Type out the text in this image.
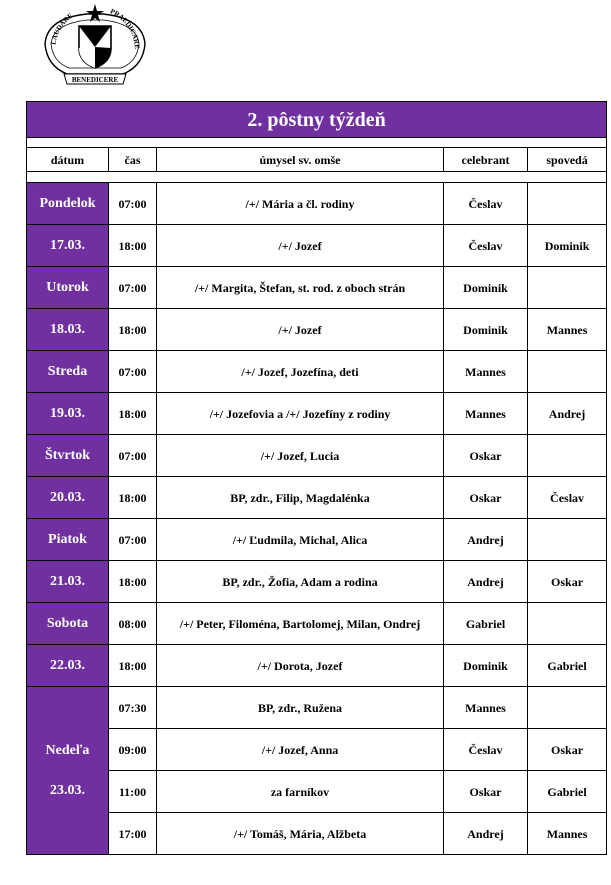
LAUDARE	PRAEDICARE
BENEDICERE
2. pôstny týždeň				

dátum	čas	úmysel sv. omše	celebrant	spovedá

Pondelok	07:00	/+/ Mária a čl. rodiny	Česlav	
17.03.	18:00	/+/ Jozef	Česlav	Dominik
Utorok	07:00	/+/ Margita, Štefan, st. rod. z oboch strán	Dominik	
18.03.	18:00	/+/ Jozef	Dominik	Mannes
Streda	07:00	/+/ Jozef, Jozefína, deti	Mannes	
19.03.	18:00	/+/ Jozefovia a /+/ Jozefíny z rodiny	Mannes	Andrej
Štvrtok	07:00	/+/ Jozef, Lucia	Oskar	
20.03.	18:00	BP, zdr., Filip, Magdalénka	Oskar	Česlav
Piatok	07:00	/+/ Ľudmila, Michal, Alica	Andrej	
21.03.	18:00	BP, zdr., Žofia, Adam a rodina	Andrej	Oskar
Sobota	08:00	/+/ Peter, Filoména, Bartolomej, Milan, Ondrej	Gabriel	
22.03.	18:00	/+/ Dorota, Jozef	Dominik	Gabriel

Nedeľa
23.03.	07:30	BP, zdr., Ružena	Mannes	
	09:00	/+/ Jozef, Anna	Česlav	Oskar
	11:00	za farníkov	Oskar	Gabriel
	17:00	/+/ Tomáš, Mária, Alžbeta	Andrej	Mannes
